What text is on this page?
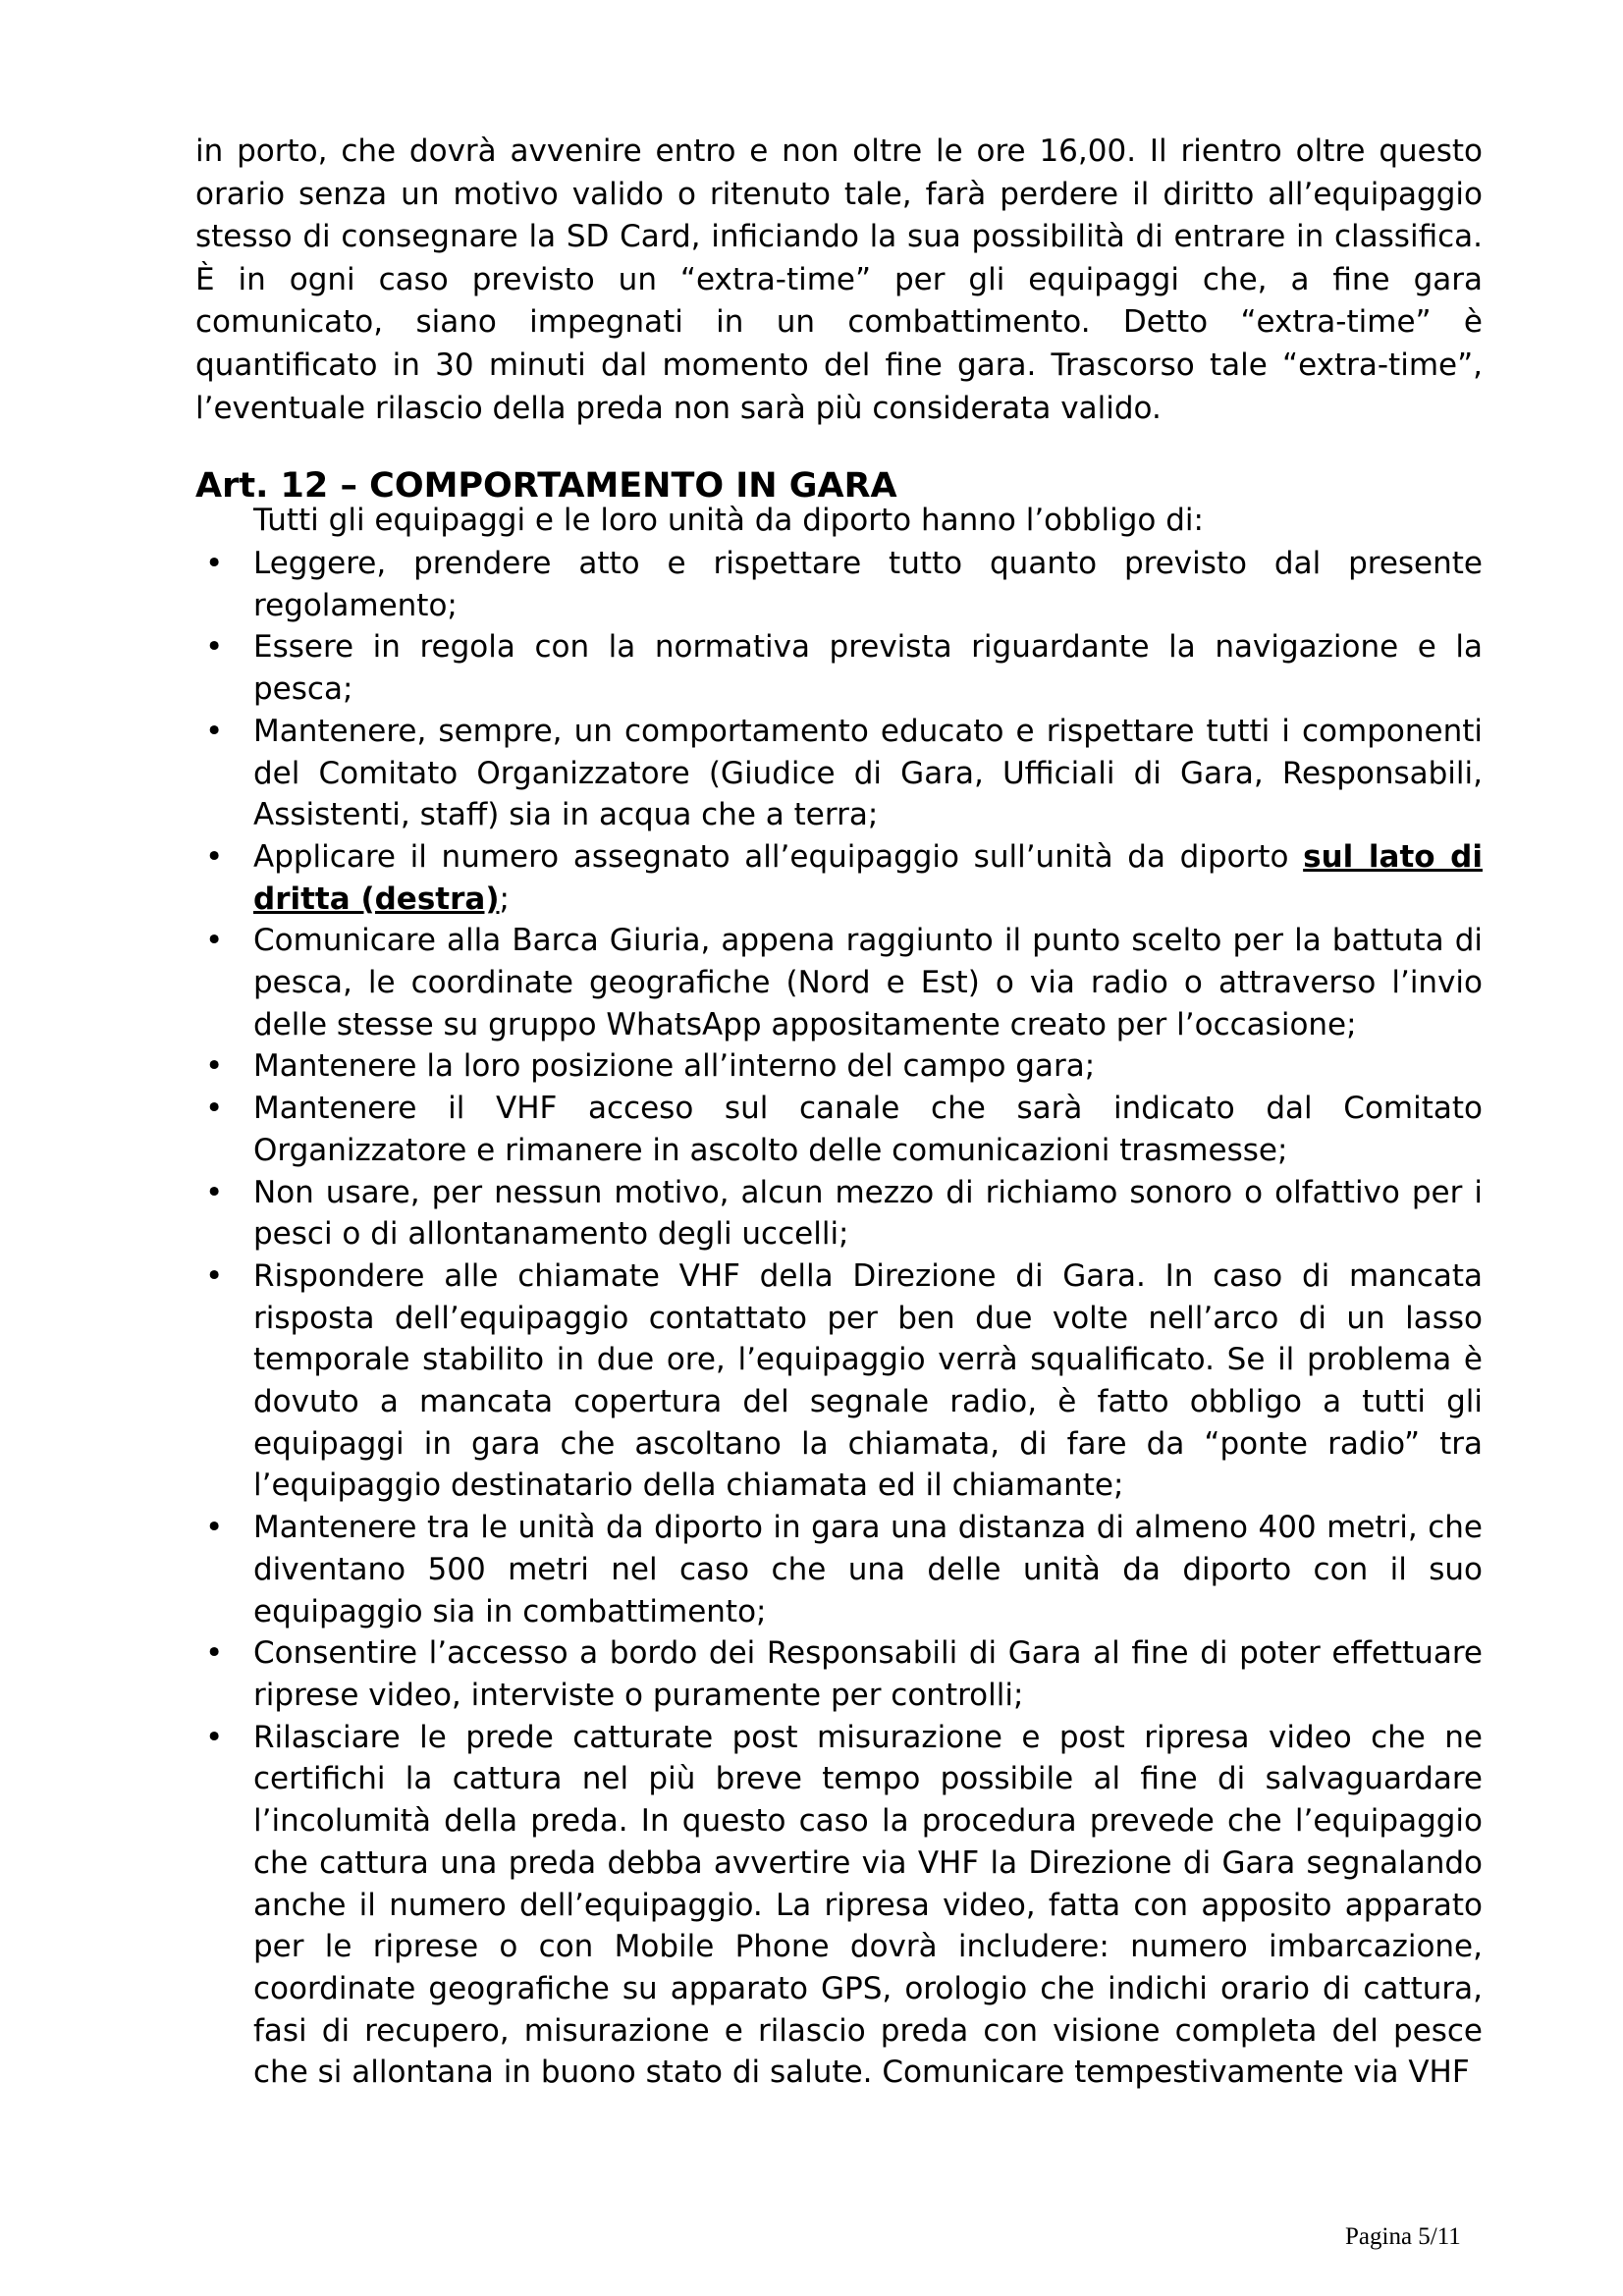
in porto, che dovrà avvenire entro e non oltre le ore 16,00. Il rientro oltre questo orario senza un motivo valido o ritenuto tale, farà perdere il diritto all’equipaggio stesso di consegnare la SD Card, inficiando la sua possibilità di entrare in classifica. È in ogni caso previsto un “extra-time” per gli equipaggi che, a fine gara comunicato, siano impegnati in un combattimento. Detto “extra-time” è quantificato in 30 minuti dal momento del fine gara. Trascorso tale “extra-time”, l’eventuale rilascio della preda non sarà più considerata valido.

Art. 12 – COMPORTAMENTO IN GARA

Tutti gli equipaggi e le loro unità da diporto hanno l’obbligo di:

• Leggere, prendere atto e rispettare tutto quanto previsto dal presente regolamento;
• Essere in regola con la normativa prevista riguardante la navigazione e la pesca;
• Mantenere, sempre, un comportamento educato e rispettare tutti i componenti del Comitato Organizzatore (Giudice di Gara, Ufficiali di Gara, Responsabili, Assistenti, staff) sia in acqua che a terra;
• Applicare il numero assegnato all’equipaggio sull’unità da diporto sul lato di dritta (destra);
• Comunicare alla Barca Giuria, appena raggiunto il punto scelto per la battuta di pesca, le coordinate geografiche (Nord e Est) o via radio o attraverso l’invio delle stesse su gruppo WhatsApp appositamente creato per l’occasione;
• Mantenere la loro posizione all’interno del campo gara;
• Mantenere il VHF acceso sul canale che sarà indicato dal Comitato Organizzatore e rimanere in ascolto delle comunicazioni trasmesse;
• Non usare, per nessun motivo, alcun mezzo di richiamo sonoro o olfattivo per i pesci o di allontanamento degli uccelli;
• Rispondere alle chiamate VHF della Direzione di Gara. In caso di mancata risposta dell’equipaggio contattato per ben due volte nell’arco di un lasso temporale stabilito in due ore, l’equipaggio verrà squalificato. Se il problema è dovuto a mancata copertura del segnale radio, è fatto obbligo a tutti gli equipaggi in gara che ascoltano la chiamata, di fare da “ponte radio” tra l’equipaggio destinatario della chiamata ed il chiamante;
• Mantenere tra le unità da diporto in gara una distanza di almeno 400 metri, che diventano 500 metri nel caso che una delle unità da diporto con il suo equipaggio sia in combattimento;
• Consentire l’accesso a bordo dei Responsabili di Gara al fine di poter effettuare riprese video, interviste o puramente per controlli;
• Rilasciare le prede catturate post misurazione e post ripresa video che ne certifichi la cattura nel più breve tempo possibile al fine di salvaguardare l’incolumità della preda. In questo caso la procedura prevede che l’equipaggio che cattura una preda debba avvertire via VHF la Direzione di Gara segnalando anche il numero dell’equipaggio. La ripresa video, fatta con apposito apparato per le riprese o con Mobile Phone dovrà includere: numero imbarcazione, coordinate geografiche su apparato GPS, orologio che indichi orario di cattura, fasi di recupero, misurazione e rilascio preda con visione completa del pesce che si allontana in buono stato di salute. Comunicare tempestivamente via VHF

Pagina 5/11
